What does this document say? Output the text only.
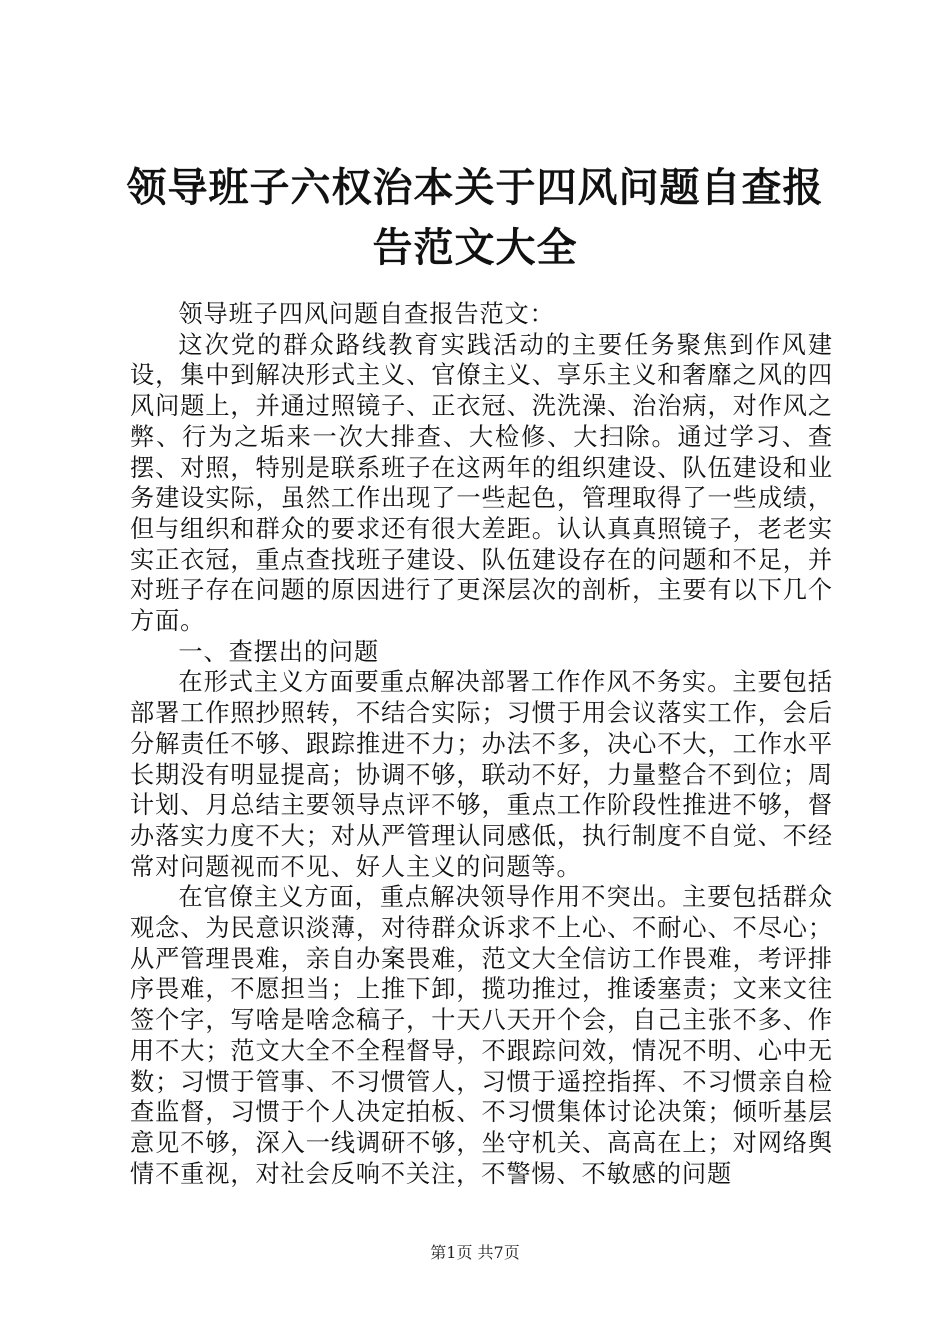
领导班子六权治本关于四风问题自查报告范文大全

领导班子四风问题自查报告范文：

这次党的群众路线教育实践活动的主要任务聚焦到作风建设，集中到解决形式主义、官僚主义、享乐主义和奢靡之风的四风问题上，并通过照镜子、正衣冠、洗洗澡、治治病，对作风之弊、行为之垢来一次大排查、大检修、大扫除。通过学习、查摆、对照，特别是联系班子在这两年的组织建设、队伍建设和业务建设实际，虽然工作出现了一些起色，管理取得了一些成绩，但与组织和群众的要求还有很大差距。认认真真照镜子，老老实实正衣冠，重点查找班子建设、队伍建设存在的问题和不足，并对班子存在问题的原因进行了更深层次的剖析，主要有以下几个方面。

一、查摆出的问题

在形式主义方面要重点解决部署工作作风不务实。主要包括部署工作照抄照转，不结合实际；习惯于用会议落实工作，会后分解责任不够、跟踪推进不力；办法不多，决心不大，工作水平长期没有明显提高；协调不够，联动不好，力量整合不到位；周计划、月总结主要领导点评不够，重点工作阶段性推进不够，督办落实力度不大；对从严管理认同感低，执行制度不自觉、不经常对问题视而不见、好人主义的问题等。

在官僚主义方面，重点解决领导作用不突出。主要包括群众观念、为民意识淡薄，对待群众诉求不上心、不耐心、不尽心；从严管理畏难，亲自办案畏难，范文大全信访工作畏难，考评排序畏难，不愿担当；上推下卸，揽功推过，推诿塞责；文来文往签个字，写啥是啥念稿子，十天八天开个会，自己主张不多、作用不大；范文大全不全程督导，不跟踪问效，情况不明、心中无数；习惯于管事、不习惯管人，习惯于遥控指挥、不习惯亲自检查监督，习惯于个人决定拍板、不习惯集体讨论决策；倾听基层意见不够，深入一线调研不够，坐守机关、高高在上；对网络舆情不重视，对社会反响不关注，不警惕、不敏感的问题

第1页 共7页
